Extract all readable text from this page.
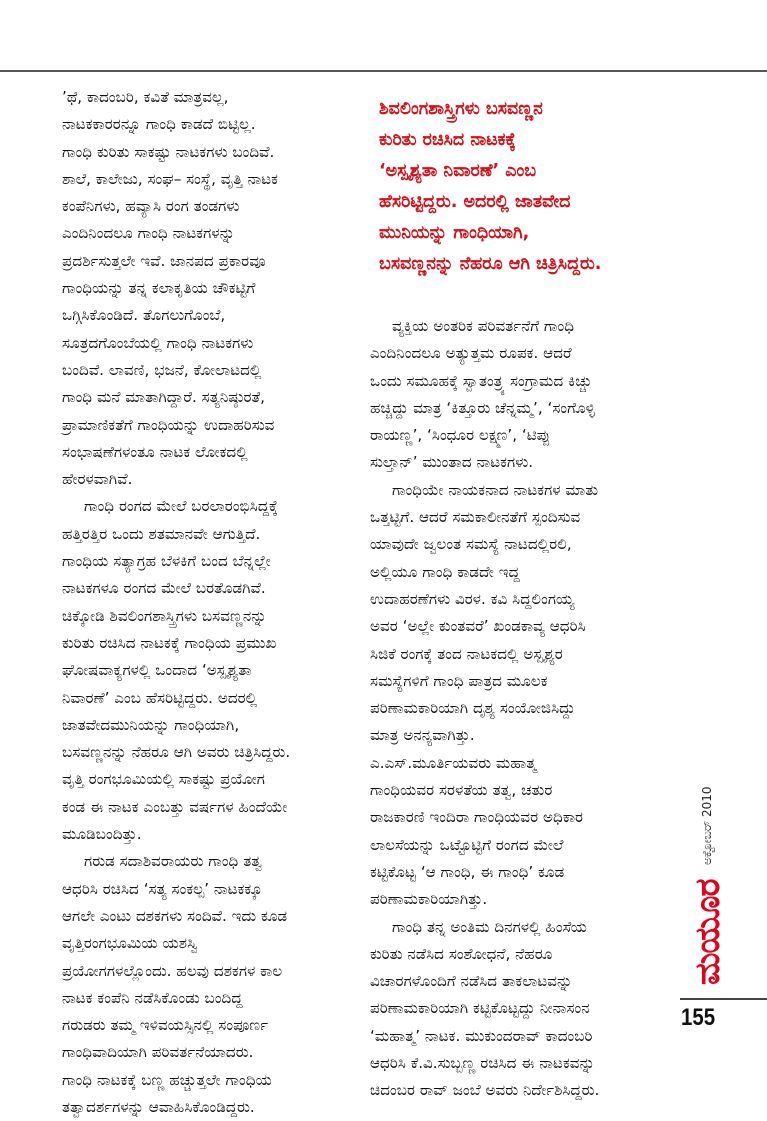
’ಥೆ, ಕಾದಂಬರಿ, ಕವಿತೆ ಮಾತ್ರವಲ್ಲ,
ನಾಟಕಕಾರರನ್ನೂ ಗಾಂಧಿ ಕಾಡದೆ ಬಿಟ್ಟಿಲ್ಲ.
ಗಾಂಧಿ ಕುರಿತು ಸಾಕಷ್ಟು ನಾಟಕಗಳು ಬಂದಿವೆ.
ಶಾಲೆ, ಕಾಲೇಜು, ಸಂಘ– ಸಂಸ್ಥೆ, ವೃತ್ತಿ ನಾಟಕ
ಕಂಪೆನಿಗಳು, ಹವ್ಯಾಸಿ ರಂಗ ತಂಡಗಳು
ಎಂದಿನಿಂದಲೂ ಗಾಂಧಿ ನಾಟಕಗಳನ್ನು
ಪ್ರದರ್ಶಿಸುತ್ತಲೇ ಇವೆ. ಜಾನಪದ ಪ್ರಕಾರವೂ
ಗಾಂಧಿಯನ್ನು ತನ್ನ ಕಲಾಕೃತಿಯ ಚೌಕಟ್ಟಿಗೆ
ಒಗ್ಗಿಸಿಕೊಂಡಿದೆ. ತೊಗಲುಗೊಂಬೆ,
ಸೂತ್ರದಗೊಂಬೆಯಲ್ಲಿ ಗಾಂಧಿ ನಾಟಕಗಳು
ಬಂದಿವೆ. ಲಾವಣಿ, ಭಜನೆ, ಕೋಲಾಟದಲ್ಲಿ
ಗಾಂಧಿ ಮನೆ ಮಾತಾಗಿದ್ದಾರೆ. ಸತ್ಯನಿಷ್ಠುರತೆ,
ಪ್ರಾಮಾಣಿಕತೆಗೆ ಗಾಂಧಿಯನ್ನು ಉದಾಹರಿಸುವ
ಸಂಭಾಷಣೆಗಳಂತೂ ನಾಟಕ ಲೋಕದಲ್ಲಿ
ಹೇರಳವಾಗಿವೆ.
ಗಾಂಧಿ ರಂಗದ ಮೇಲೆ ಬರಲಾರಂಭಿಸಿದ್ದಕ್ಕೆ
ಹತ್ತಿರತ್ತಿರ ಒಂದು ಶತಮಾನವೇ ಆಗುತ್ತಿದೆ.
ಗಾಂಧಿಯ ಸತ್ಯಾಗ್ರಹ ಬೆಳಕಿಗೆ ಬಂದ ಬೆನ್ನಲ್ಲೇ
ನಾಟಕಗಳೂ ರಂಗದ ಮೇಲೆ ಬರತೊಡಗಿವೆ.
ಚಿಕ್ಕೋಡಿ ಶಿವಲಿಂಗಶಾಸ್ತ್ರಿಗಳು ಬಸವಣ್ಣನನ್ನು
ಕುರಿತು ರಚಿಸಿದ ನಾಟಕಕ್ಕೆ ಗಾಂಧಿಯ ಪ್ರಮುಖ
ಘೋಷವಾಕ್ಯಗಳಲ್ಲಿ ಒಂದಾದ ‘ಅಸ್ಪೃಶ್ಯತಾ
ನಿವಾರಣೆ’ ಎಂಬ ಹೆಸರಿಟ್ಟಿದ್ದರು. ಅದರಲ್ಲಿ
ಜಾತವೇದಮುನಿಯನ್ನು ಗಾಂಧಿಯಾಗಿ,
ಬಸವಣ್ಣನನ್ನು ನೆಹರೂ ಆಗಿ ಅವರು ಚಿತ್ರಿಸಿದ್ದರು.
ವೃತ್ತಿ ರಂಗಭೂಮಿಯಲ್ಲಿ ಸಾಕಷ್ಟು ಪ್ರಯೋಗ
ಕಂಡ ಈ ನಾಟಕ ಎಂಬತ್ತು ವರ್ಷಗಳ ಹಿಂದೆಯೇ
ಮೂಡಿಬಂದಿತ್ತು.
ಗರುಡ ಸದಾಶಿವರಾಯರು ಗಾಂಧಿ ತತ್ವ
ಆಧರಿಸಿ ರಚಿಸಿದ ‘ಸತ್ಯ ಸಂಕಲ್ಪ’ ನಾಟಕಕ್ಕೂ
ಆಗಲೇ ಎಂಟು ದಶಕಗಳು ಸಂದಿವೆ. ಇದು ಕೂಡ
ವೃತ್ತಿರಂಗಭೂಮಿಯ ಯಶಸ್ವಿ
ಪ್ರಯೋಗಗಳಲ್ಲೊಂದು. ಹಲವು ದಶಕಗಳ ಕಾಲ
ನಾಟಕ ಕಂಪೆನಿ ನಡೆಸಿಕೊಂಡು ಬಂದಿದ್ದ
ಗರುಡರು ತಮ್ಮ ಇಳಿವಯಸ್ಸಿನಲ್ಲಿ ಸಂಪೂರ್ಣ
ಗಾಂಧಿವಾದಿಯಾಗಿ ಪರಿವರ್ತನೆಯಾದರು.
ಗಾಂಧಿ ನಾಟಕಕ್ಕೆ ಬಣ್ಣ ಹಚ್ಚುತ್ತಲೇ ಗಾಂಧಿಯ
ತತ್ವಾದರ್ಶಗಳನ್ನು ಆವಾಹಿಸಿಕೊಂಡಿದ್ದರು.
ಶಿವಲಿಂಗಶಾಸ್ತ್ರಿಗಳು ಬಸವಣ್ಣನ
ಕುರಿತು ರಚಿಸಿದ ನಾಟಕಕ್ಕೆ
‘ಅಸ್ಪೃಶ್ಯತಾ ನಿವಾರಣೆ’ ಎಂಬ
ಹೆಸರಿಟ್ಟಿದ್ದರು. ಅದರಲ್ಲಿ ಜಾತವೇದ
ಮುನಿಯನ್ನು ಗಾಂಧಿಯಾಗಿ,
ಬಸವಣ್ಣನನ್ನು ನೆಹರೂ ಆಗಿ ಚಿತ್ರಿಸಿದ್ದರು.
ವ್ಯಕ್ತಿಯ ಅಂತರಿಕ ಪರಿವರ್ತನೆಗೆ ಗಾಂಧಿ
ಎಂದಿನಿಂದಲೂ ಅತ್ಯುತ್ತಮ ರೂಪಕ. ಆದರೆ
ಒಂದು ಸಮೂಹಕ್ಕೆ ಸ್ವಾತಂತ್ರ್ಯ ಸಂಗ್ರಾಮದ ಕಿಚ್ಚು
ಹಚ್ಚಿದ್ದು ಮಾತ್ರ ‘ಕಿತ್ತೂರು ಚೆನ್ನಮ್ಮ’, ‘ಸಂಗೊಳ್ಳಿ
ರಾಯಣ್ಣ’, ‘ಸಿಂಧೂರ ಲಕ್ಷ್ಮಣ’, ‘ಟಿಪ್ಪು
ಸುಲ್ತಾನ್’ ಮುಂತಾದ ನಾಟಕಗಳು.
ಗಾಂಧಿಯೇ ನಾಯಕನಾದ ನಾಟಕಗಳ ಮಾತು
ಒತ್ತಟ್ಟಿಗೆ. ಆದರೆ ಸಮಕಾಲೀನತೆಗೆ ಸ್ಪಂದಿಸುವ
ಯಾವುದೇ ಜ್ವಲಂತ ಸಮಸ್ಯೆ ನಾಟದಲ್ಲಿರಲಿ,
ಅಲ್ಲಿಯೂ ಗಾಂಧಿ ಕಾಡದೇ ಇದ್ದ
ಉದಾಹರಣೆಗಳು ವಿರಳ. ಕವಿ ಸಿದ್ದಲಿಂಗಯ್ಯ
ಅವರ ‘ಅಲ್ಲೇ ಕುಂತವರೆ’ ಖಂಡಕಾವ್ಯ ಆಧರಿಸಿ
ಸಿಜಿಕೆ ರಂಗಕ್ಕೆ ತಂದ ನಾಟಕದಲ್ಲಿ ಅಸ್ಪೃಶ್ಯರ
ಸಮಸ್ಯೆಗಳಿಗೆ ಗಾಂಧಿ ಪಾತ್ರದ ಮೂಲಕ
ಪರಿಣಾಮಕಾರಿಯಾಗಿ ದೃಶ್ಯ ಸಂಯೋಜಿಸಿದ್ದು
ಮಾತ್ರ ಅನನ್ಯವಾಗಿತ್ತು.
ಎ.ಎಸ್.ಮೂರ್ತಿಯವರು ಮಹಾತ್ಮ
ಗಾಂಧಿಯವರ ಸರಳತೆಯ ತತ್ವ, ಚತುರ
ರಾಜಕಾರಣಿ ಇಂದಿರಾ ಗಾಂಧಿಯವರ ಅಧಿಕಾರ
ಲಾಲಸೆಯನ್ನು ಒಟ್ಟೊಟ್ಟಿಗೆ ರಂಗದ ಮೇಲೆ
ಕಟ್ಟಿಕೊಟ್ಟ ‘ಆ ಗಾಂಧಿ, ಈ ಗಾಂಧಿ’ ಕೂಡ
ಪರಿಣಾಮಕಾರಿಯಾಗಿತ್ತು.
ಗಾಂಧಿ ತನ್ನ ಅಂತಿಮ ದಿನಗಳಲ್ಲಿ ಹಿಂಸೆಯ
ಕುರಿತು ನಡೆಸಿದ ಸಂಶೋಧನೆ, ನೆಹರೂ
ವಿಚಾರಗಳೊಂದಿಗೆ ನಡೆಸಿದ ತಾಕಲಾಟವನ್ನು
ಪರಿಣಾಮಕಾರಿಯಾಗಿ ಕಟ್ಟಿಕೊಟ್ಟದ್ದು ನೀನಾಸಂನ
‘ಮಹಾತ್ಮ’ ನಾಟಕ. ಮುಕುಂದರಾವ್ ಕಾದಂಬರಿ
ಆಧರಿಸಿ ಕೆ.ವಿ.ಸುಬ್ಬಣ್ಣ ರಚಿಸಿದ ಈ ನಾಟಕವನ್ನು
ಚಿದಂಬರ ರಾವ್ ಜಂಬೆ ಅವರು ನಿರ್ದೇಶಿಸಿದ್ದರು.
ಅಕ್ಟೋಬರ್ 2010
ಮಯೂರ
155
